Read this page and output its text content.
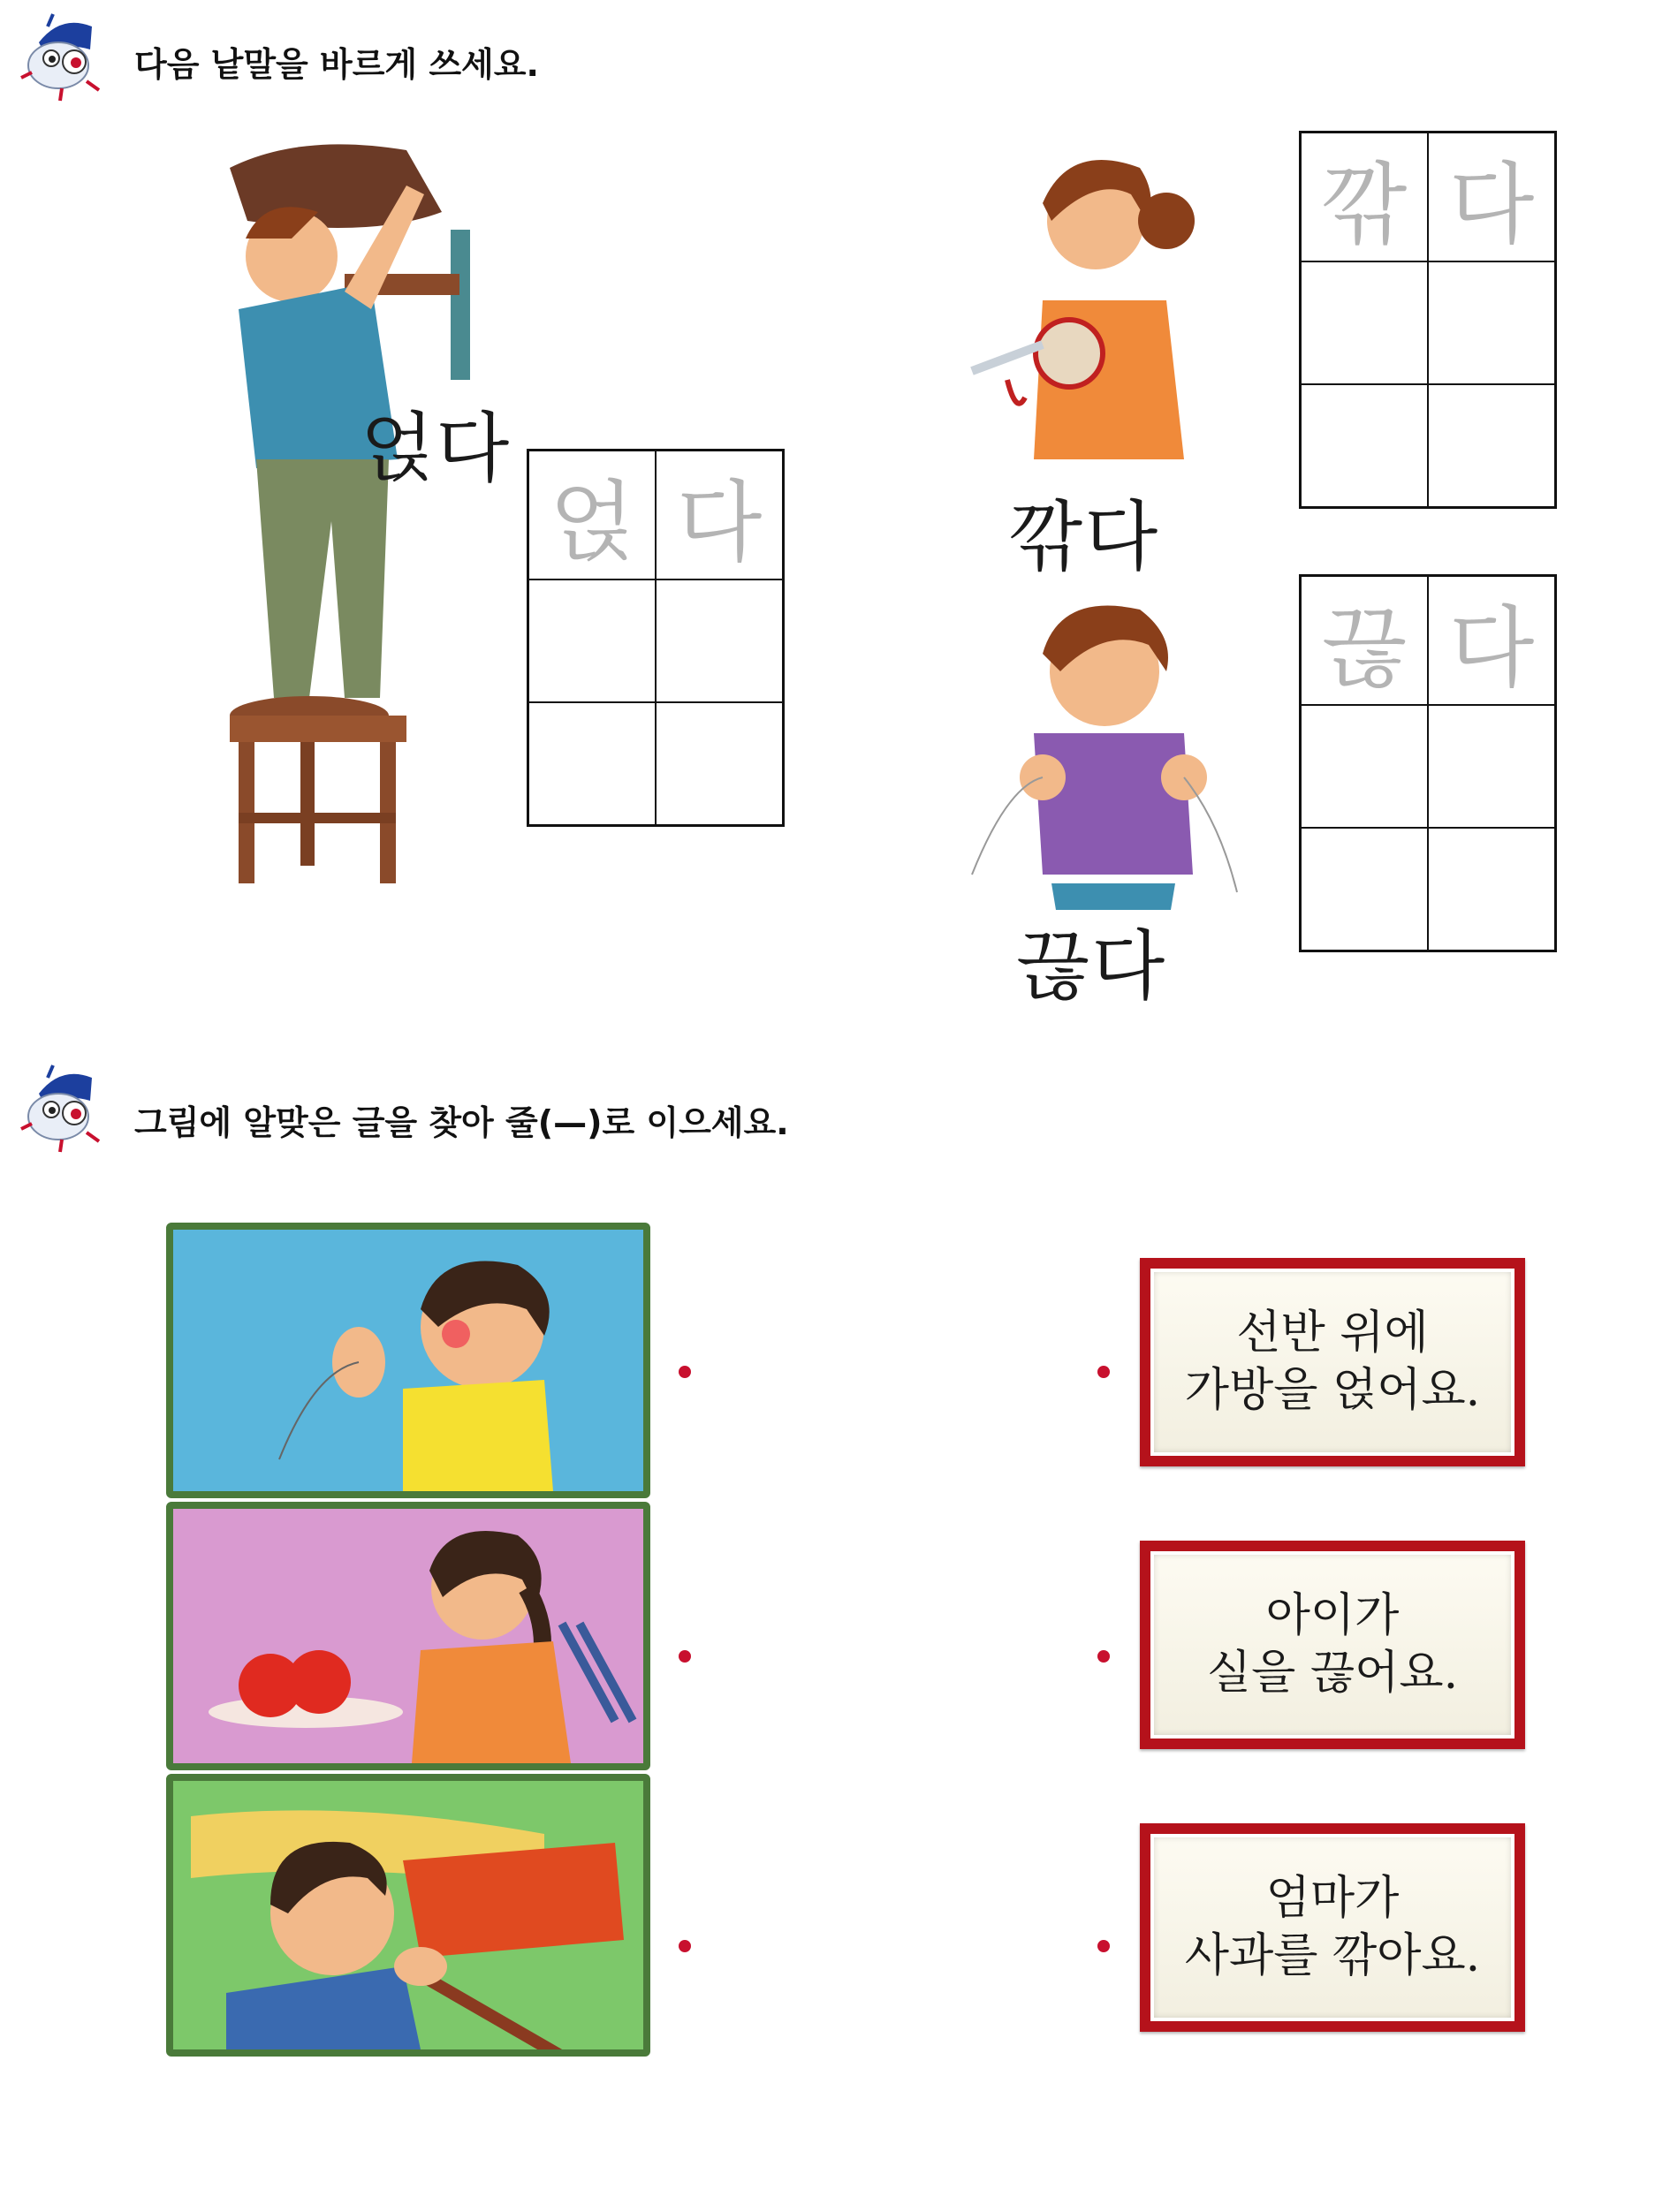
다음 낱말을 바르게 쓰세요.
얹다
얹 다	깎다
깎 다
끊다
끊 다
그림에 알맞은 글을 찾아 줄(—)로 이으세요.
선반 위에
가방을 얹어요.
아이가
실을 끊어요.
엄마가
사과를 깎아요.
